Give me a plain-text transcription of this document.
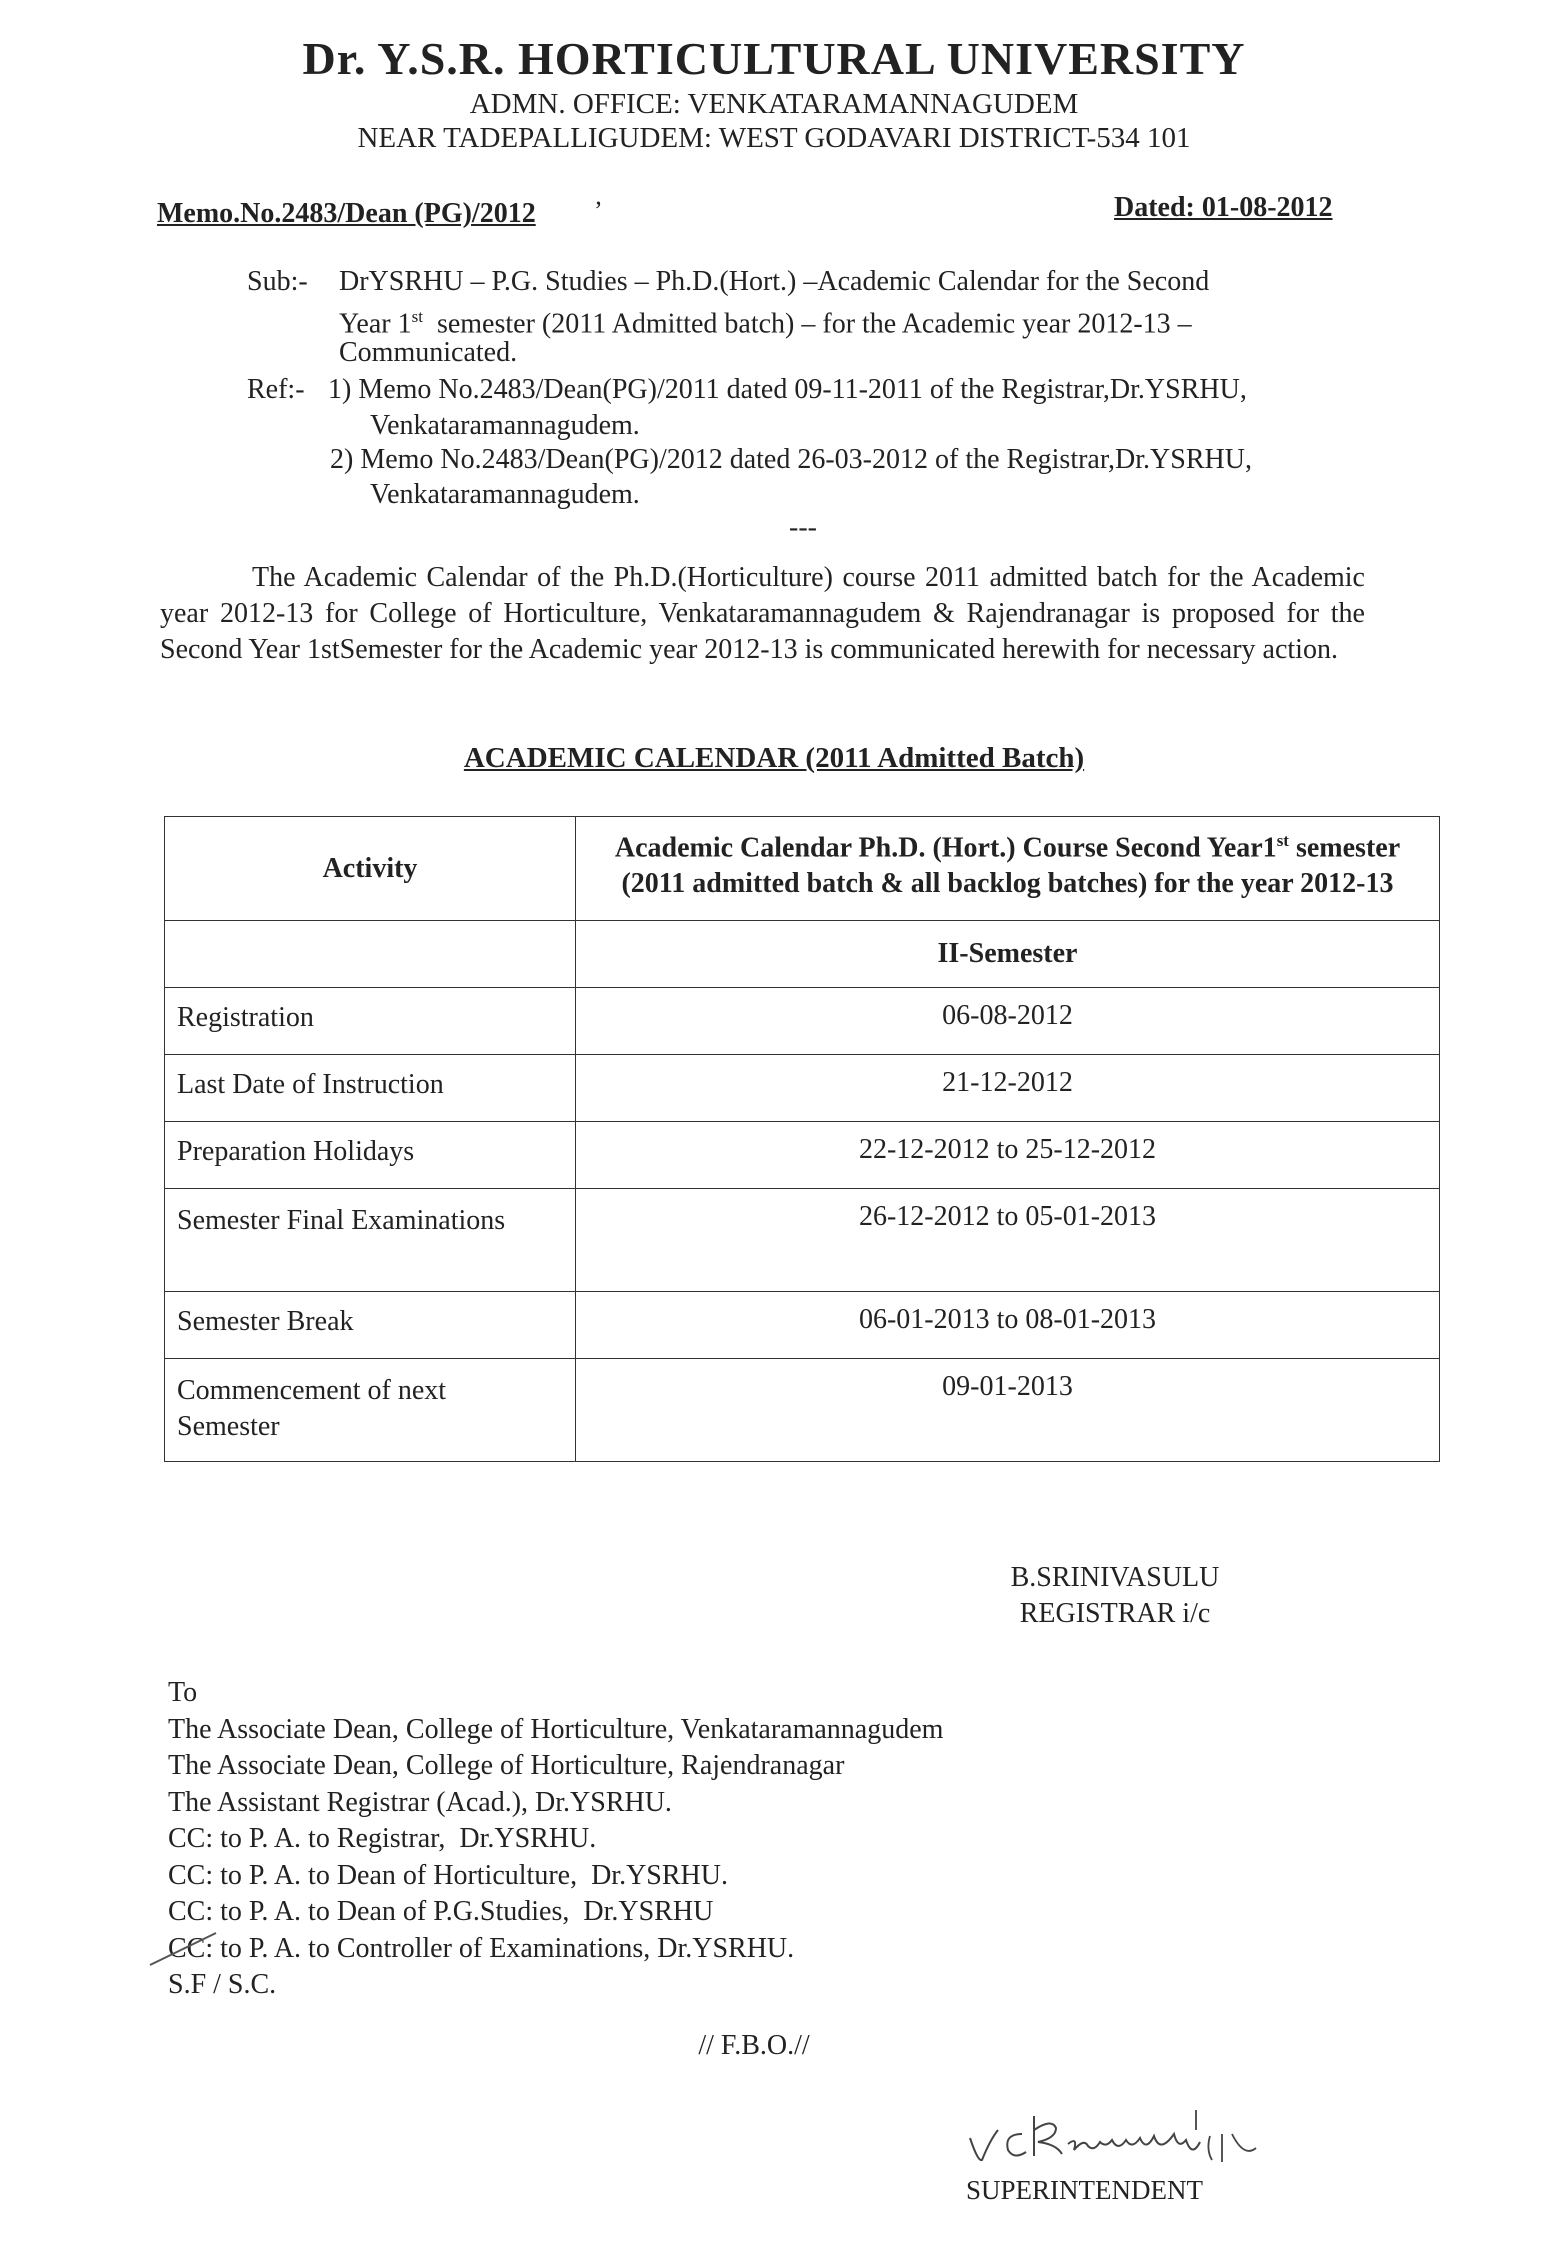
Dr. Y.S.R. HORTICULTURAL UNIVERSITY
ADMN. OFFICE: VENKATARAMANNAGUDEM
NEAR TADEPALLIGUDEM: WEST GODAVARI DISTRICT-534 101
Memo.No.2483/Dean (PG)/2012 ’	Dated: 01-08-2012
Sub:- DrYSRHU – P.G. Studies – Ph.D.(Hort.) –Academic Calendar for the Second
Year 1st  semester (2011 Admitted batch) – for the Academic year 2012-13 –
Communicated.
Ref:- 1) Memo No.2483/Dean(PG)/2011 dated 09-11-2011 of the Registrar,Dr.YSRHU,
Venkataramannagudem.
2) Memo No.2483/Dean(PG)/2012 dated 26-03-2012 of the Registrar,Dr.YSRHU,
Venkataramannagudem.
---
The Academic Calendar of the Ph.D.(Horticulture) course 2011 admitted batch for the Academic year 2012-13 for College of Horticulture, Venkataramannagudem & Rajendranagar is proposed for the Second Year 1stSemester for the Academic year 2012-13 is communicated herewith for necessary action.
ACADEMIC CALENDAR (2011 Admitted Batch)
Activity	Academic Calendar Ph.D. (Hort.) Course Second Year1st semester
(2011 admitted batch & all backlog batches) for the year 2012-13
	II-Semester
Registration	06-08-2012
Last Date of Instruction	21-12-2012
Preparation Holidays	22-12-2012 to 25-12-2012
Semester Final Examinations	26-12-2012 to 05-01-2013
Semester Break	06-01-2013 to 08-01-2013
Commencement of next Semester	09-01-2013
B.SRINIVASULU
REGISTRAR i/c
To
The Associate Dean, College of Horticulture, Venkataramannagudem
The Associate Dean, College of Horticulture, Rajendranagar
The Assistant Registrar (Acad.), Dr.YSRHU.
CC: to P. A. to Registrar,  Dr.YSRHU.
CC: to P. A. to Dean of Horticulture,  Dr.YSRHU.
CC: to P. A. to Dean of P.G.Studies,  Dr.YSRHU
CC: to P. A. to Controller of Examinations, Dr.YSRHU.
S.F / S.C.
// F.B.O.//
SUPERINTENDENT
